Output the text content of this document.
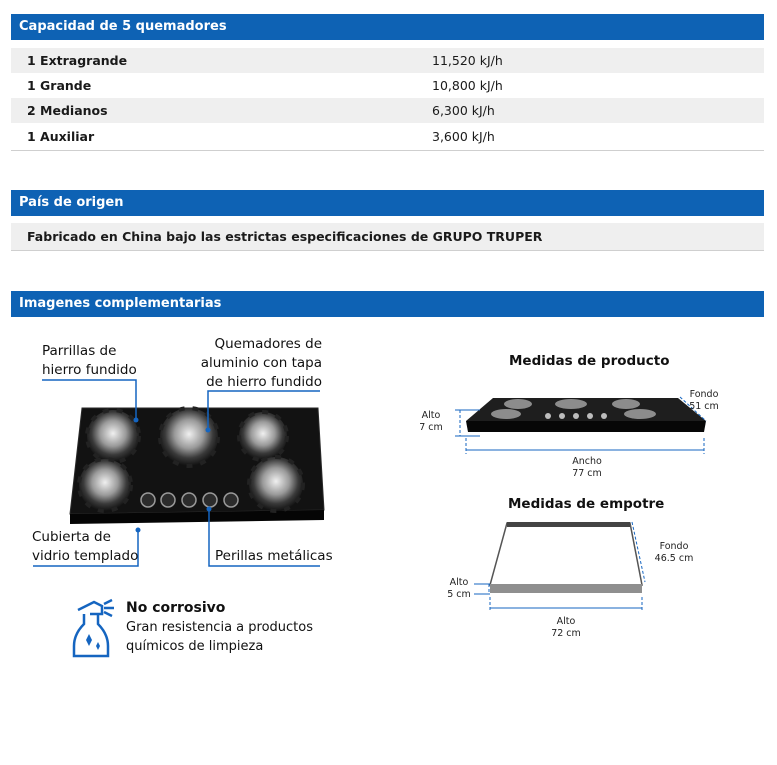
Capacidad de 5 quemadores
1 Extragrande	11,520 kJ/h
1 Grande	10,800 kJ/h
2 Medianos	6,300 kJ/h
1 Auxiliar	3,600 kJ/h
País de origen
Fabricado en China bajo las estrictas especificaciones de GRUPO TRUPER
Imagenes complementarias
Parrillas de
hierro fundido
Quemadores de
aluminio con tapa
de hierro fundido
Cubierta de
vidrio templado	Perillas metálicas
No corrosivo
Gran resistencia a productos
químicos de limpieza
Medidas de producto
Alto
7 cm
Fondo
51 cm
Ancho
77 cm
Medidas de empotre
Alto
5 cm
Fondo
46.5 cm
Alto
72 cm
